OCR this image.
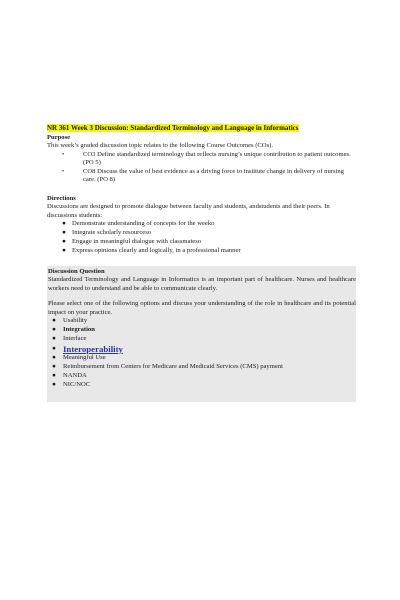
NR 361 Week 3 Discussion: Standardized Terminology and Language in Informatics
Purpose

This week’s graded discussion topic relates to the following Course Outcomes (COs).

•	CO3 Define standardized terminology that reflects nursing’s unique contribution to patient outcomes. (PO 5)
•	CO8 Discuss the value of best evidence as a driving force to institute change in delivery of nursing care. (PO 8)
Directions

Discussions are designed to promote dialogue between faculty and students, andstudents and their peers. In discussions students:

● Demonstrate understanding of concepts for the weeko
● Integrate scholarly resourceso
● Engage in meaningful dialogue with classmateso
● Express opinions clearly and logically, in a professional manner
Discussion Question

Standardized Terminology and Language in Informatics is an important part of healthcare. Nurses and healthcare workers need to understand and be able to communicate clearly.

Please select one of the following options and discuss your understanding of the role in healthcare and its potential impact on your practice.

● Usability
● Integration
● Interface
● Interoperability
● Meaningful Use
● Reimbursement from Centers for Medicare and Medicaid Services (CMS) payment
● NANDA
● NIC/NOC
